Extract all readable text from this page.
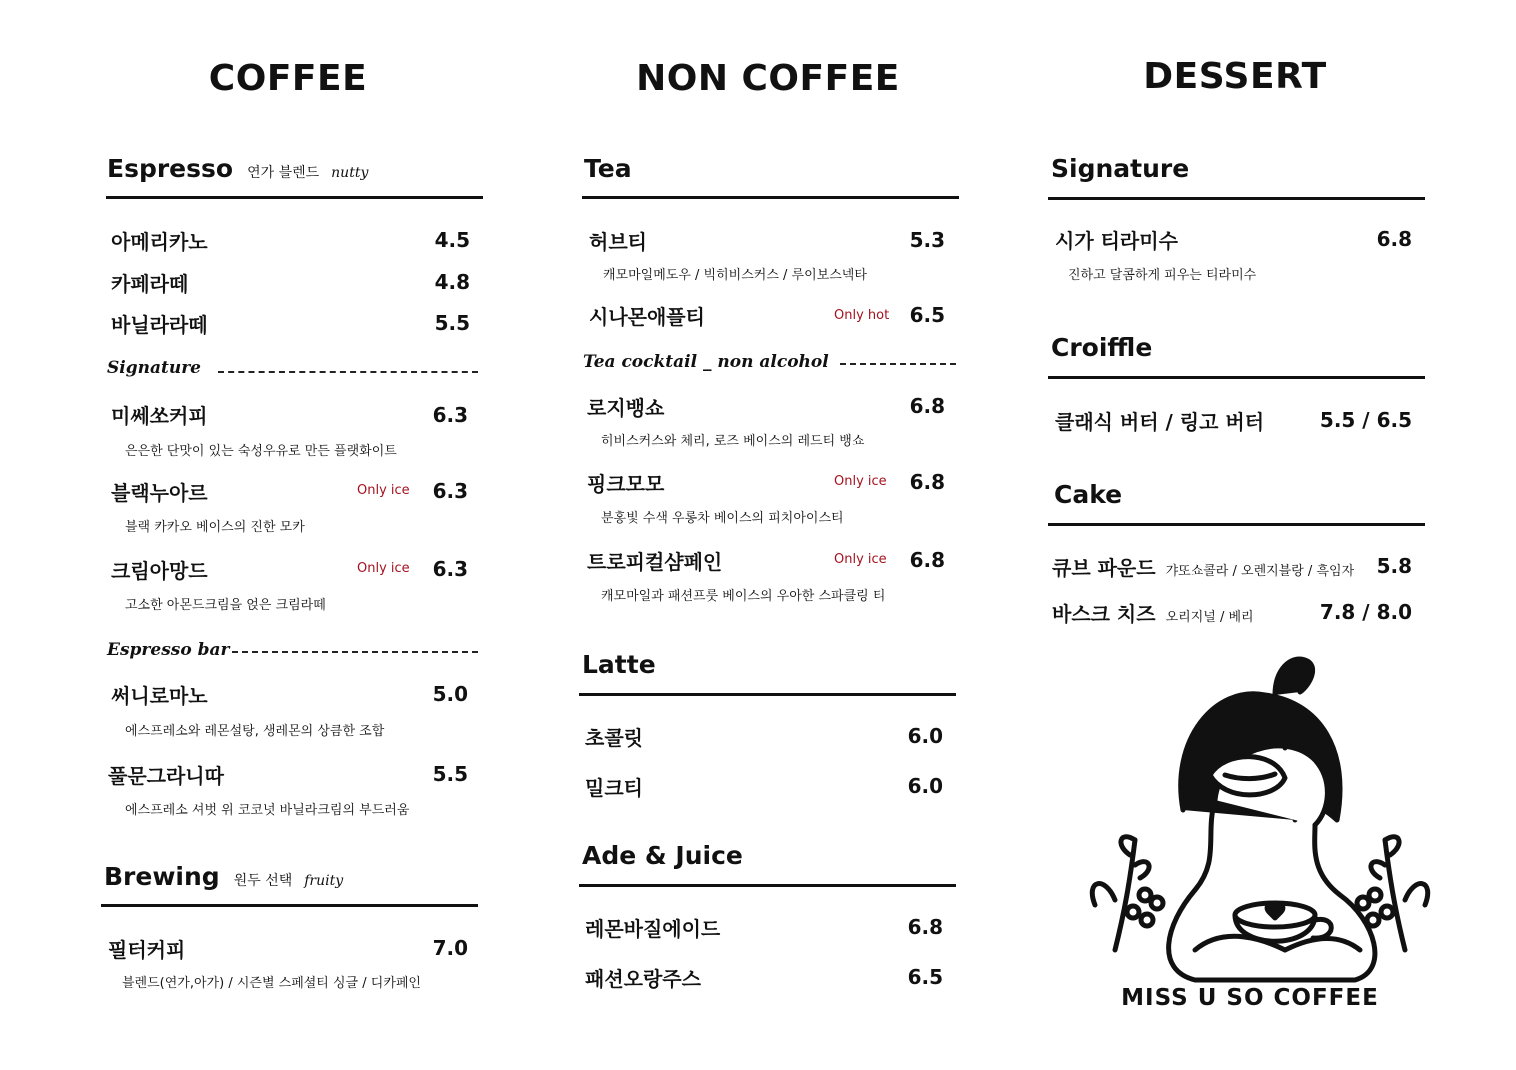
COFFEE	NON COFFEE	DESSERT
Espresso 연가 블렌드 nutty
아메리카노	4.5
카페라떼	4.8
바닐라라떼	5.5
Signature
미쎄쏘커피	6.3
은은한 단맛이 있는 숙성우유로 만든 플랫화이트
블랙누아르	Only ice	6.3
블랙 카카오 베이스의 진한 모카
크림아망드	Only ice	6.3
고소한 아몬드크림을 얹은 크림라떼
Espresso bar
써니로마노	5.0
에스프레소와 레몬설탕, 생레몬의 상큼한 조합
풀문그라니따	5.5
에스프레소 셔벗 위 코코넛 바닐라크림의 부드러움
Brewing 원두 선택 fruity
필터커피	7.0
블렌드(연가,아가) / 시즌별 스페셜티 싱글 / 디카페인
Tea
허브티	5.3
캐모마일메도우 / 빅히비스커스 / 루이보스넥타
시나몬애플티	Only hot	6.5
Tea cocktail _ non alcohol
로지뱅쇼	6.8
히비스커스와 체리, 로즈 베이스의 레드티 뱅쇼
핑크모모	Only ice	6.8
분홍빛 수색 우롱차 베이스의 피치아이스티
트로피컬샴페인	Only ice	6.8
캐모마일과 패션프룻 베이스의 우아한 스파클링 티
Latte
초콜릿	6.0
밀크티	6.0
Ade & Juice
레몬바질에이드	6.8
패션오랑주스	6.5
Signature
시가 티라미수	6.8
진하고 달콤하게 피우는 티라미수
Croiffle
클래식 버터 / 링고 버터	5.5 / 6.5
Cake
큐브 파운드 갸또쇼콜라 / 오렌지블랑 / 흑임자	5.8
바스크 치즈 오리지널 / 베리	7.8 / 8.0
MISS U SO COFFEE
